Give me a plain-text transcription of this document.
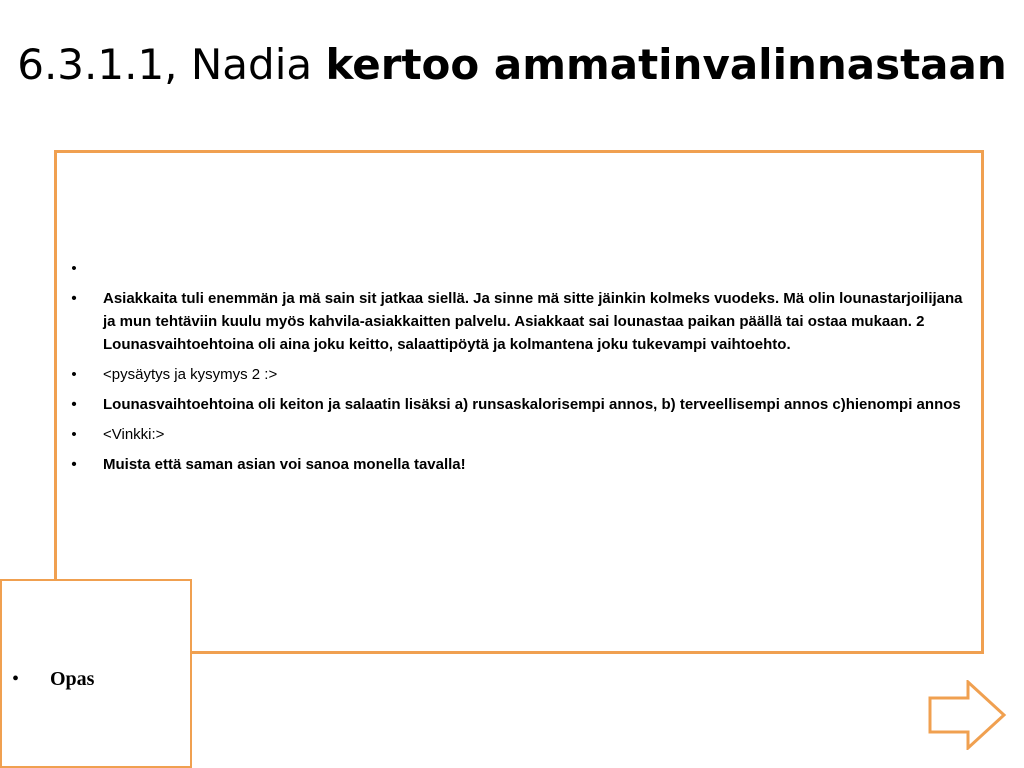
6.3.1.1, Nadia kertoo ammatinvalinnastaan
•
• Asiakkaita tuli enemmän ja mä sain sit jatkaa siellä. Ja sinne mä sitte jäinkin kolmeks vuodeks. Mä olin lounastarjoilijana ja mun tehtäviin kuulu myös kahvila-asiakkaitten palvelu. Asiakkaat sai lounastaa paikan päällä tai ostaa mukaan. 2 Lounasvaihtoehtoina oli aina joku keitto, salaattipöytä ja kolmantena joku tukevampi vaihtoehto.
• <pysäytys ja kysymys 2 :>
• Lounasvaihtoehtoina oli keiton ja salaatin lisäksi a) runsaskalorisempi annos, b) terveellisempi annos c)hienompi annos
• <Vinkki:>
• Muista että saman asian voi sanoa monella tavalla!
• Opas
